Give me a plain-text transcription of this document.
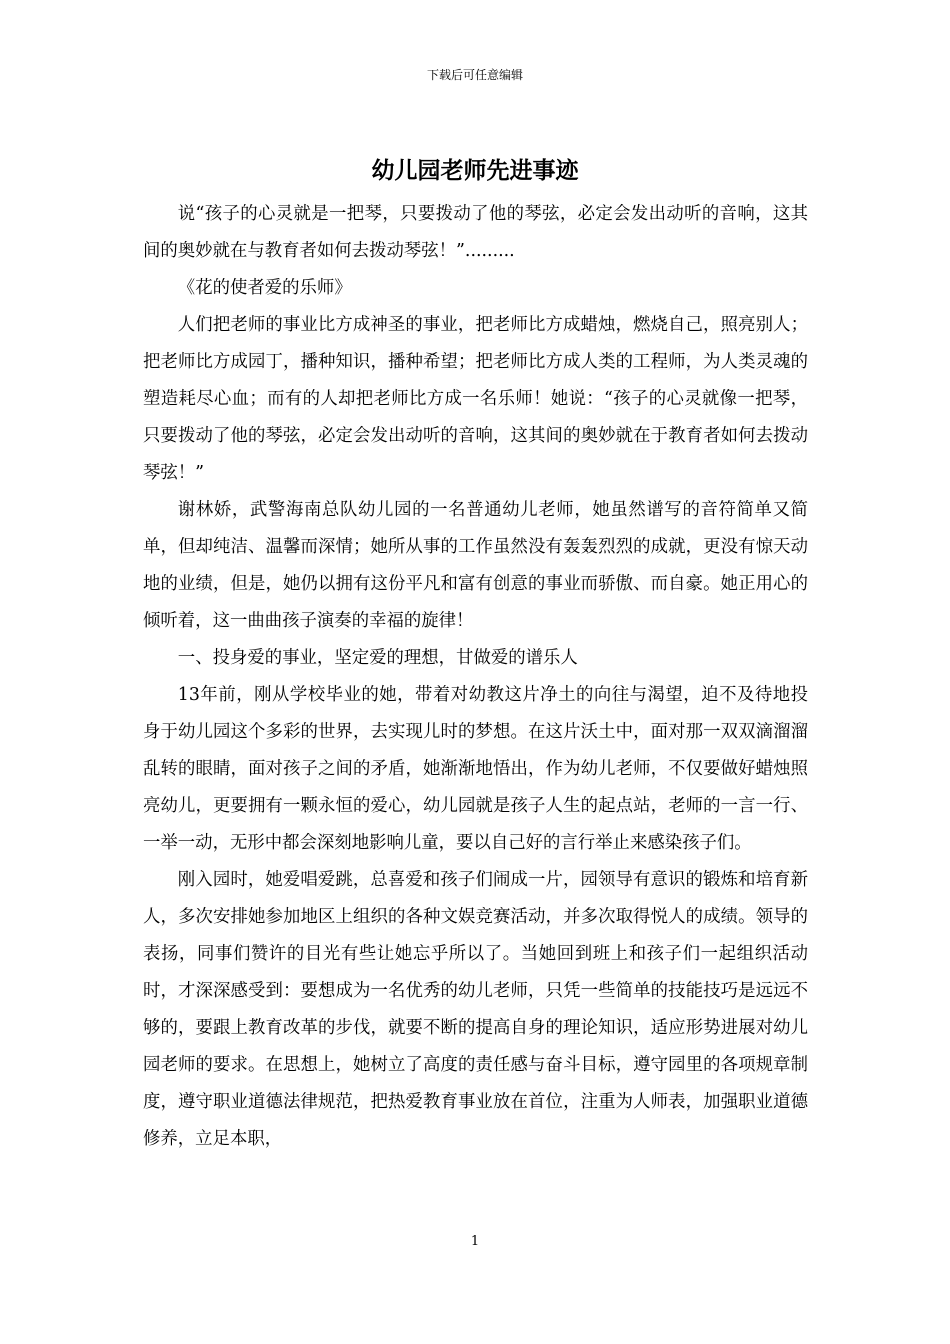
下载后可任意编辑
幼儿园老师先进事迹

说“孩子的心灵就是一把琴，只要拨动了他的琴弦，必定会发出动听的音响，这其间的奥妙就在与教育者如何去拨动琴弦！”.........

《花的使者爱的乐师》

人们把老师的事业比方成神圣的事业，把老师比方成蜡烛，燃烧自己，照亮别人；把老师比方成园丁，播种知识，播种希望；把老师比方成人类的工程师，为人类灵魂的塑造耗尽心血；而有的人却把老师比方成一名乐师！她说：“孩子的心灵就像一把琴，只要拨动了他的琴弦，必定会发出动听的音响，这其间的奥妙就在于教育者如何去拨动琴弦！”

谢林娇，武警海南总队幼儿园的一名普通幼儿老师，她虽然谱写的音符简单又简单，但却纯洁、温馨而深情；她所从事的工作虽然没有轰轰烈烈的成就，更没有惊天动地的业绩，但是，她仍以拥有这份平凡和富有创意的事业而骄傲、而自豪。她正用心的倾听着，这一曲曲孩子演奏的幸福的旋律！

一、投身爱的事业，坚定爱的理想，甘做爱的谱乐人

13年前，刚从学校毕业的她，带着对幼教这片净土的向往与渴望，迫不及待地投身于幼儿园这个多彩的世界，去实现儿时的梦想。在这片沃土中，面对那一双双滴溜溜乱转的眼睛，面对孩子之间的矛盾，她渐渐地悟出，作为幼儿老师，不仅要做好蜡烛照亮幼儿，更要拥有一颗永恒的爱心，幼儿园就是孩子人生的起点站，老师的一言一行、一举一动，无形中都会深刻地影响儿童，要以自己好的言行举止来感染孩子们。

刚入园时，她爱唱爱跳，总喜爱和孩子们闹成一片，园领导有意识的锻炼和培育新人，多次安排她参加地区上组织的各种文娱竞赛活动，并多次取得悦人的成绩。领导的表扬，同事们赞许的目光有些让她忘乎所以了。当她回到班上和孩子们一起组织活动时，才深深感受到：要想成为一名优秀的幼儿老师，只凭一些简单的技能技巧是远远不够的，要跟上教育改革的步伐，就要不断的提高自身的理论知识，适应形势进展对幼儿园老师的要求。在思想上，她树立了高度的责任感与奋斗目标，遵守园里的各项规章制度，遵守职业道德法律规范，把热爱教育事业放在首位，注重为人师表，加强职业道德修养，立足本职，

1
